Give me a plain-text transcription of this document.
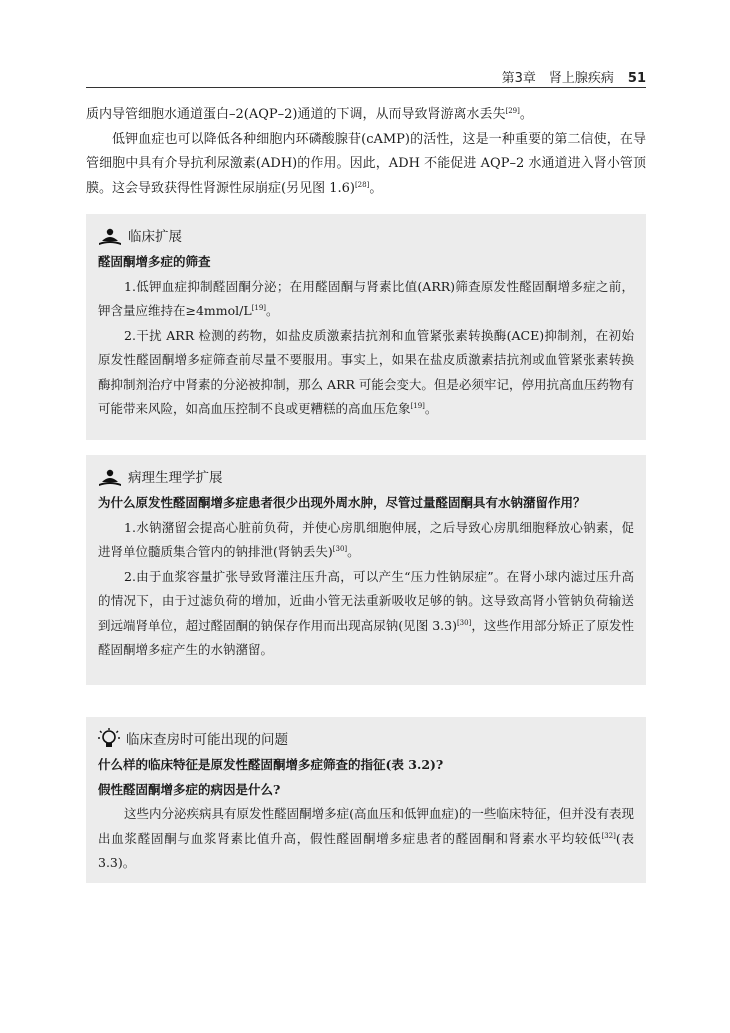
第3章　肾上腺疾病 51

质内导管细胞水通道蛋白–2(AQP–2)通道的下调，从而导致肾游离水丢失[29]。

低钾血症也可以降低各种细胞内环磷酸腺苷(cAMP)的活性，这是一种重要的第二信使，在导管细胞中具有介导抗利尿激素(ADH)的作用。因此，ADH 不能促进 AQP–2 水通道进入肾小管顶膜。这会导致获得性肾源性尿崩症(另见图 1.6)[28]。

临床扩展

醛固酮增多症的筛查

1.低钾血症抑制醛固酮分泌；在用醛固酮与肾素比值(ARR)筛查原发性醛固酮增多症之前，钾含量应维持在≥4mmol/L[19]。

2.干扰 ARR 检测的药物，如盐皮质激素拮抗剂和血管紧张素转换酶(ACE)抑制剂，在初始原发性醛固酮增多症筛查前尽量不要服用。事实上，如果在盐皮质激素拮抗剂或血管紧张素转换酶抑制剂治疗中肾素的分泌被抑制，那么 ARR 可能会变大。但是必须牢记，停用抗高血压药物有可能带来风险，如高血压控制不良或更糟糕的高血压危象[19]。

病理生理学扩展

为什么原发性醛固酮增多症患者很少出现外周水肿，尽管过量醛固酮具有水钠潴留作用？

1.水钠潴留会提高心脏前负荷，并使心房肌细胞伸展，之后导致心房肌细胞释放心钠素，促进肾单位髓质集合管内的钠排泄(肾钠丢失)[30]。

2.由于血浆容量扩张导致肾灌注压升高，可以产生“压力性钠尿症”。在肾小球内滤过压升高的情况下，由于过滤负荷的增加，近曲小管无法重新吸收足够的钠。这导致高肾小管钠负荷输送到远端肾单位，超过醛固酮的钠保存作用而出现高尿钠(见图 3.3)[30]，这些作用部分矫正了原发性醛固酮增多症产生的水钠潴留。

临床查房时可能出现的问题

什么样的临床特征是原发性醛固酮增多症筛查的指征(表 3.2)?

假性醛固酮增多症的病因是什么?

这些内分泌疾病具有原发性醛固酮增多症(高血压和低钾血症)的一些临床特征，但并没有表现出血浆醛固酮与血浆肾素比值升高，假性醛固酮增多症患者的醛固酮和肾素水平均较低[32](表 3.3)。
